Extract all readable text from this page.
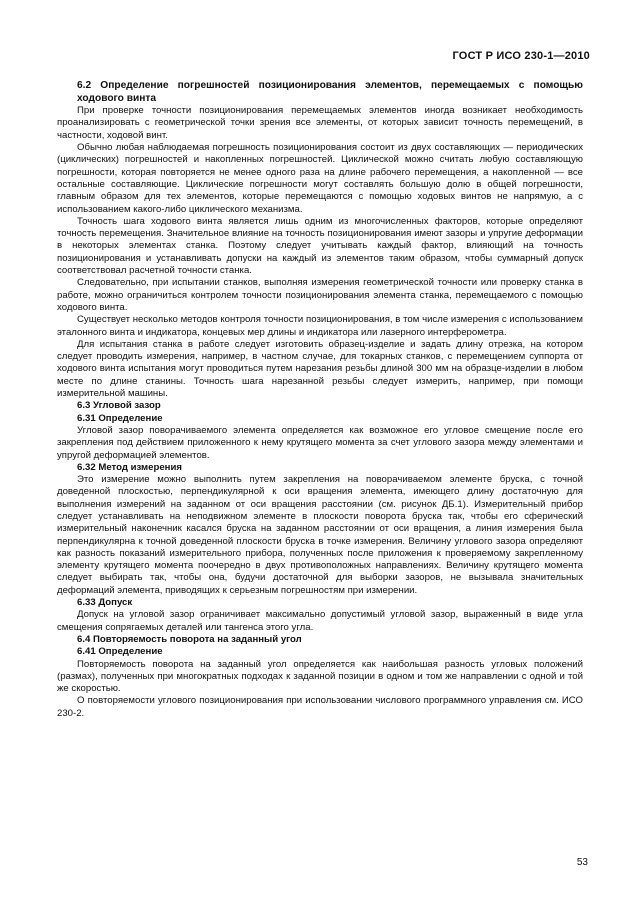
ГОСТ Р ИСО 230-1—2010

6.2 Определение погрешностей позиционирования элементов, перемещаемых с помощью ходового винта

При проверке точности позиционирования перемещаемых элементов иногда возникает необходимость проанализировать с геометрической точки зрения все элементы, от которых зависит точность перемещений, в частности, ходовой винт.

Обычно любая наблюдаемая погрешность позиционирования состоит из двух составляющих — периодических (циклических) погрешностей и накопленных погрешностей. Циклической можно считать любую составляющую погрешности, которая повторяется не менее одного раза на длине рабочего перемещения, а накопленной — все остальные составляющие. Циклические погрешности могут составлять большую долю в общей погрешности, главным образом для тех элементов, которые перемещаются с помощью ходовых винтов не напрямую, а с использованием какого-либо циклического механизма.

Точность шага ходового винта является лишь одним из многочисленных факторов, которые определяют точность перемещения. Значительное влияние на точность позиционирования имеют зазоры и упругие деформации в некоторых элементах станка. Поэтому следует учитывать каждый фактор, влияющий на точность позиционирования и устанавливать допуски на каждый из элементов таким образом, чтобы суммарный допуск соответствовал расчетной точности станка.

Следовательно, при испытании станков, выполняя измерения геометрической точности или проверку станка в работе, можно ограничиться контролем точности позиционирования элемента станка, перемещаемого с помощью ходового винта.

Существует несколько методов контроля точности позиционирования, в том числе измерения с использованием эталонного винта и индикатора, концевых мер длины и индикатора или лазерного интерферометра.

Для испытания станка в работе следует изготовить образец-изделие и задать длину отрезка, на котором следует проводить измерения, например, в частном случае, для токарных станков, с перемещением суппорта от ходового винта испытания могут проводиться путем нарезания резьбы длиной 300 мм на образце-изделии в любом месте по длине станины. Точность шага нарезанной резьбы следует измерить, например, при помощи измерительной машины.

6.3 Угловой зазор

6.31 Определение

Угловой зазор поворачиваемого элемента определяется как возможное его угловое смещение после его закрепления под действием приложенного к нему крутящего момента за счет углового зазора между элементами и упругой деформацией элементов.

6.32 Метод измерения

Это измерение можно выполнить путем закрепления на поворачиваемом элементе бруска, с точной доведенной плоскостью, перпендикулярной к оси вращения элемента, имеющего длину достаточную для выполнения измерений на заданном от оси вращения расстоянии (см. рисунок ДБ.1). Измерительный прибор следует устанавливать на неподвижном элементе в плоскости поворота бруска так, чтобы его сферический измерительный наконечник касался бруска на заданном расстоянии от оси вращения, а линия измерения была перпендикулярна к точной доведенной плоскости бруска в точке измерения. Величину углового зазора определяют как разность показаний измерительного прибора, полученных после приложения к проверяемому закрепленному элементу крутящего момента поочередно в двух противоположных направлениях. Величину крутящего момента следует выбирать так, чтобы она, будучи достаточной для выборки зазоров, не вызывала значительных деформаций элемента, приводящих к серьезным погрешностям при измерении.

6.33 Допуск

Допуск на угловой зазор ограничивает максимально допустимый угловой зазор, выраженный в виде угла смещения сопрягаемых деталей или тангенса этого угла.

6.4 Повторяемость поворота на заданный угол

6.41 Определение

Повторяемость поворота на заданный угол определяется как наибольшая разность угловых положений (размах), полученных при многократных подходах к заданной позиции в одном и том же направлении с одной и той же скоростью.

О повторяемости углового позиционирования при использовании числового программного управления см. ИСО 230-2.

53
